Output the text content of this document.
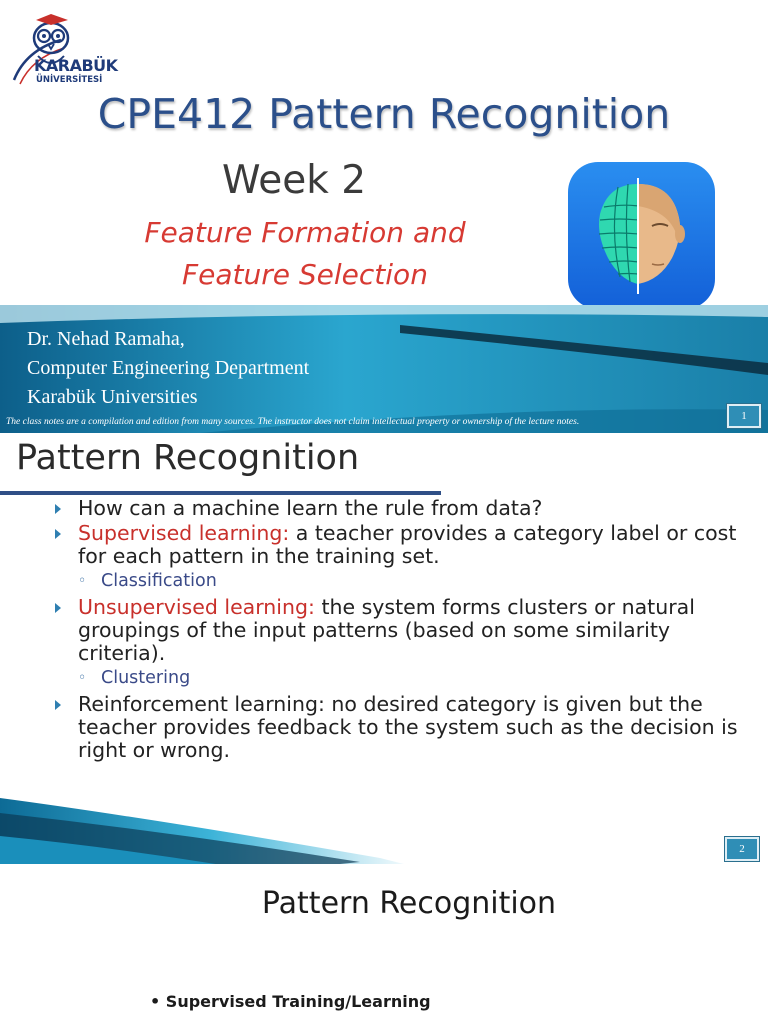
KARABÜK
ÜNİVERSİTESİ
CPE412 Pattern Recognition
Week 2
Feature Formation and
Feature Selection
Dr. Nehad Ramaha,
Computer Engineering Department
Karabük Universities
The class notes are a compilation and edition from many sources. The instructor does not claim intellectual property or ownership of the lecture notes.	1
Pattern Recognition
How can a machine learn the rule from data?
Supervised learning: a teacher provides a category label or cost for each pattern in the training set.
◦ Classification
Unsupervised learning: the system forms clusters or natural groupings of the input patterns (based on some similarity criteria).
◦ Clustering
Reinforcement learning: no desired category is given but the teacher provides feedback to the system such as the decision is right or wrong.
2
Pattern Recognition
• Supervised Training/Learning
